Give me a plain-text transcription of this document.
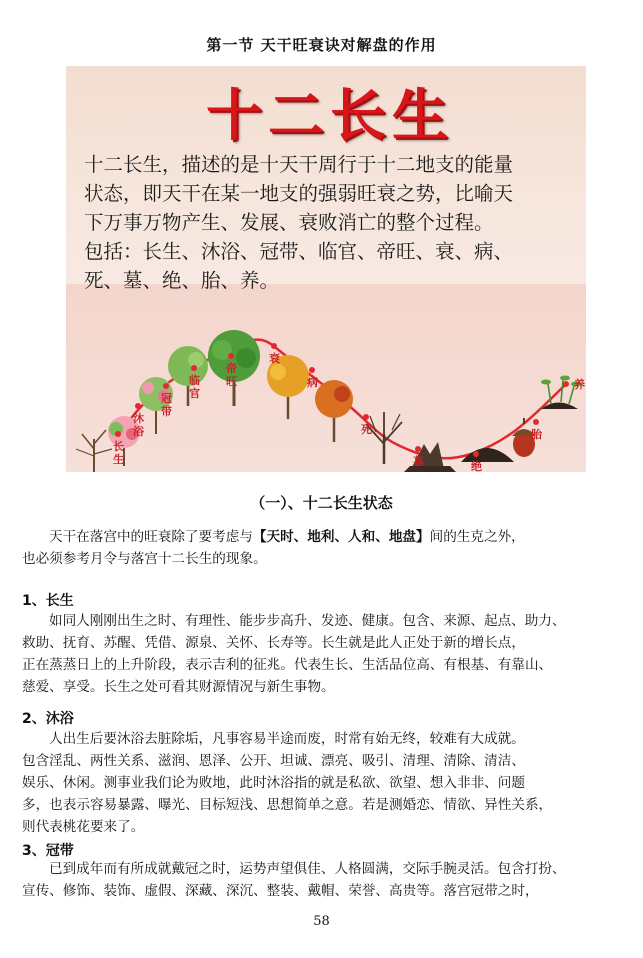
第一节 天干旺衰诀对解盘的作用
十二长生

十二长生，描述的是十天干周行于十二地支的能量

状态，即天干在某一地支的强弱旺衰之势，比喻天

下万事万物产生、发展、衰败消亡的整个过程。

包括：长生、沐浴、冠带、临官、帝旺、衰、病、

死、墓、绝、胎、养。

长
生
沐
浴
冠
带
临
官
帝
旺
衰
病
死
墓	绝
胎
养
（一）、十二长生状态

天干在落宫中的旺衰除了要考虑与【天时、地利、人和、地盘】间的生克之外，

也必须参考月令与落宫十二长生的现象。

1、长生

如同人刚刚出生之时、有理性、能步步高升、发迹、健康。包含、来源、起点、助力、

救助、抚育、苏醒、凭借、源泉、关怀、长寿等。长生就是此人正处于新的增长点，

正在蒸蒸日上的上升阶段，表示吉利的征兆。代表生长、生活品位高、有根基、有靠山、

慈爱、享受。长生之处可看其财源情况与新生事物。

2、沐浴

人出生后要沐浴去脏除垢，凡事容易半途而废，时常有始无终，较难有大成就。

包含淫乱、两性关系、滋润、恩泽、公开、坦诚、漂亮、吸引、清理、清除、清洁、

娱乐、休闲。测事业我们论为败地，此时沐浴指的就是私欲、欲望、想入非非、问题

多，也表示容易暴露、曝光、目标短浅、思想简单之意。若是测婚恋、情欲、异性关系，

则代表桃花要来了。

3、冠带

已到成年而有所成就戴冠之时，运势声望俱佳、人格圆满，交际手腕灵活。包含打扮、

宣传、修饰、装饰、虚假、深藏、深沉、整装、戴帽、荣誉、高贵等。落宫冠带之时，

58
